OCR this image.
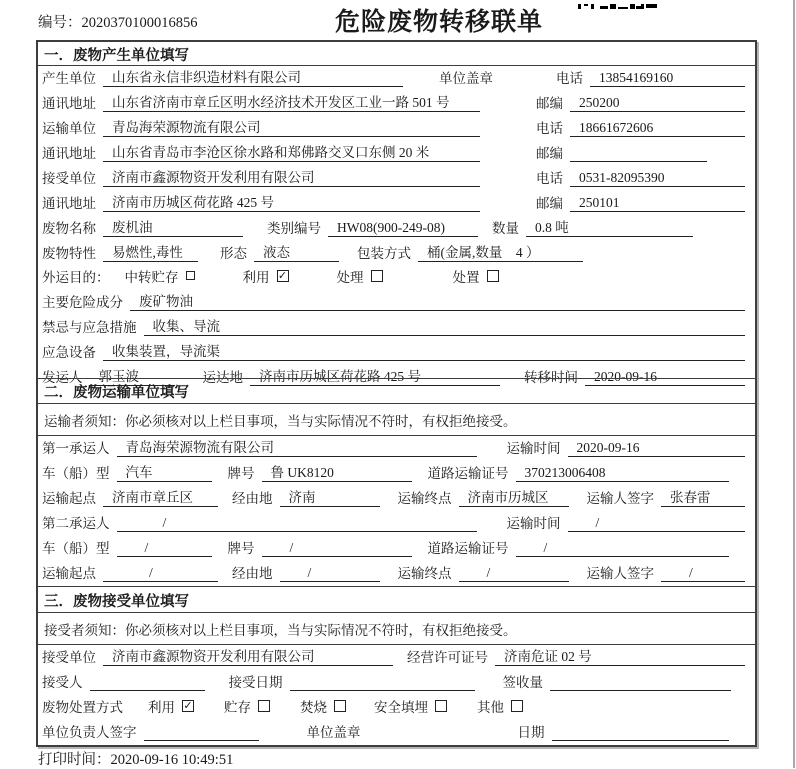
编号：2020370100016856	危险废物转移联单
一．废物产生单位填写
产生单位	山东省永信非织造材料有限公司	单位盖章	电话	13854169160
通讯地址	山东省济南市章丘区明水经济技术开发区工业一路 501 号	邮编	250200
运输单位	青岛海荣源物流有限公司	电话	18661672606
通讯地址	山东省青岛市李沧区徐水路和郑佛路交叉口东侧 20 米	邮编
接受单位	济南市鑫源物资开发利用有限公司	电话	0531-82095390
通讯地址	济南市历城区荷花路 425 号	邮编	250101
废物名称	废机油	类别编号	HW08(900-249-08)	数量	0.8 吨
废物特性	易燃性,毒性	形态	液态	包装方式	桶(金属,数量　4 ）
外运目的：	中转贮存	利用 ✓	处理	处置
主要危险成分	废矿物油
禁忌与应急措施	收集、导流
应急设备	收集装置，导流渠
发运人	郭玉波	运达地	济南市历城区荷花路 425 号	转移时间	2020-09-16
二．废物运输单位填写
运输者须知：你必须核对以上栏目事项，当与实际情况不符时，有权拒绝接受。
第一承运人	青岛海荣源物流有限公司	运输时间	2020-09-16
车（船）型	汽车	牌号	鲁 UK8120	道路运输证号	370213006408
运输起点	济南市章丘区	经由地	济南	运输终点	济南市历城区	运输人签字	张春雷
第二承运人	/	运输时间	/
车（船）型	/	牌号	/	道路运输证号	/
运输起点	/	经由地	/	运输终点	/	运输人签字	/
三．废物接受单位填写
接受者须知：你必须核对以上栏目事项，当与实际情况不符时，有权拒绝接受。
接受单位	济南市鑫源物资开发利用有限公司	经营许可证号	济南危证 02 号
接受人	接受日期	签收量
废物处置方式	利用 ✓ 贮存	焚烧	安全填埋	其他
单位负责人签字	单位盖章	日期
打印时间：2020-09-16 10:49:51
